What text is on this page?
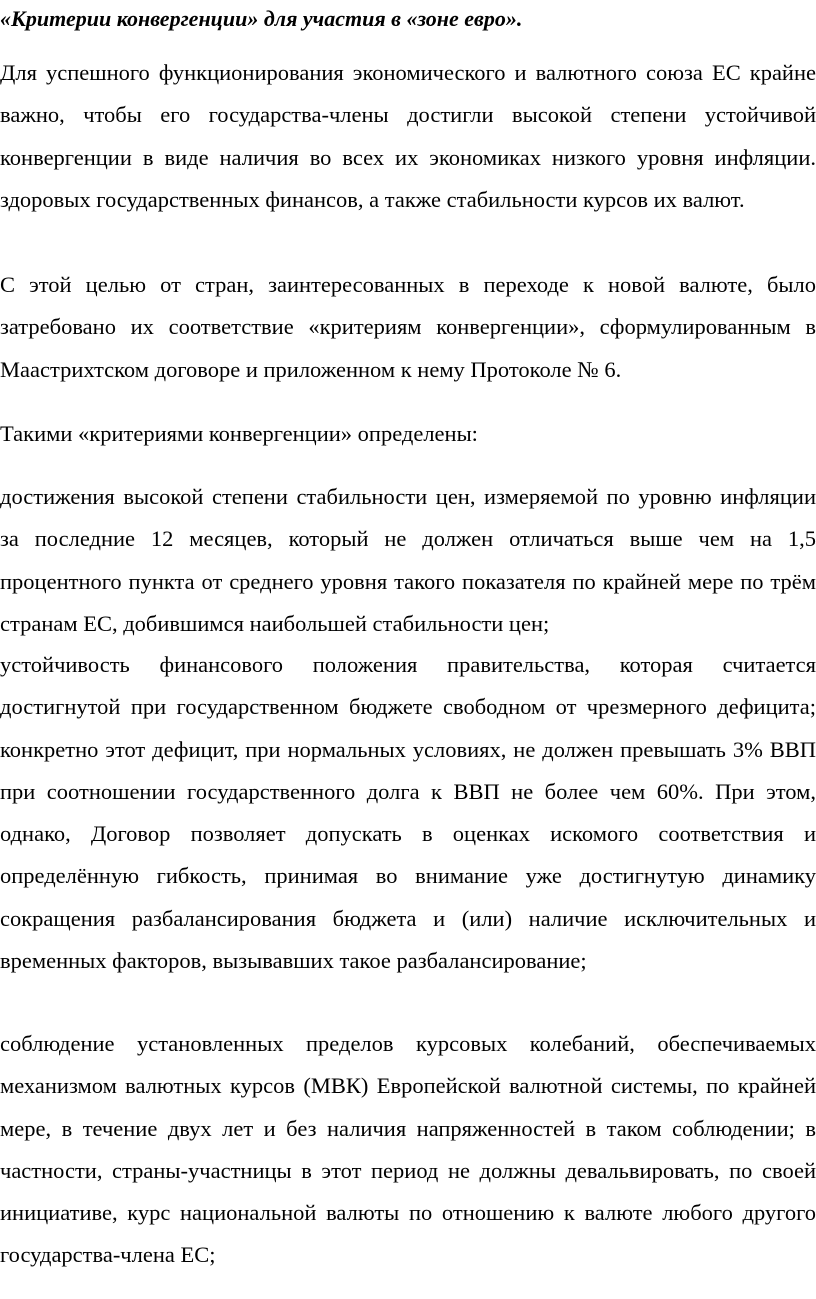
«Критерии конвергенции» для участия в «зоне евро».

Для успешного функционирования экономического и валютного союза ЕС крайне важно, чтобы его государства-члены достигли высокой степени устойчивой конвергенции в виде наличия во всех их экономиках низкого уровня инфляции. здоровых государственных финансов, а также стабильности курсов их валют.

С этой целью от стран, заинтересованных в переходе к новой валюте, было затребовано их соответствие «критериям конвергенции», сформулированным в Маастрихтском договоре и приложенном к нему Протоколе № 6.

Такими «критериями конвергенции» определены:

достижения высокой степени стабильности цен, измеряемой по уровню инфляции за последние 12 месяцев, который не должен отличаться выше чем на 1,5 процентного пункта от среднего уровня такого показателя по крайней мере по трём странам ЕС, добившимся наибольшей стабильности цен;

устойчивость финансового положения правительства, которая считается достигнутой при государственном бюджете свободном от чрезмерного дефицита; конкретно этот дефицит, при нормальных условиях, не должен превышать 3% ВВП при соотношении государственного долга к ВВП не более чем 60%. При этом, однако, Договор позволяет допускать в оценках искомого соответствия и определённую гибкость, принимая во внимание уже достигнутую динамику сокращения разбалансирования бюджета и (или) наличие исключительных и временных факторов, вызывавших такое разбалансирование;

соблюдение установленных пределов курсовых колебаний, обеспечиваемых механизмом валютных курсов (МВК) Европейской валютной системы, по крайней мере, в течение двух лет и без наличия напряженностей в таком соблюдении; в частности, страны-участницы в этот период не должны девальвировать, по своей инициативе, курс национальной валюты по отношению к валюте любого другого государства-члена ЕС;
